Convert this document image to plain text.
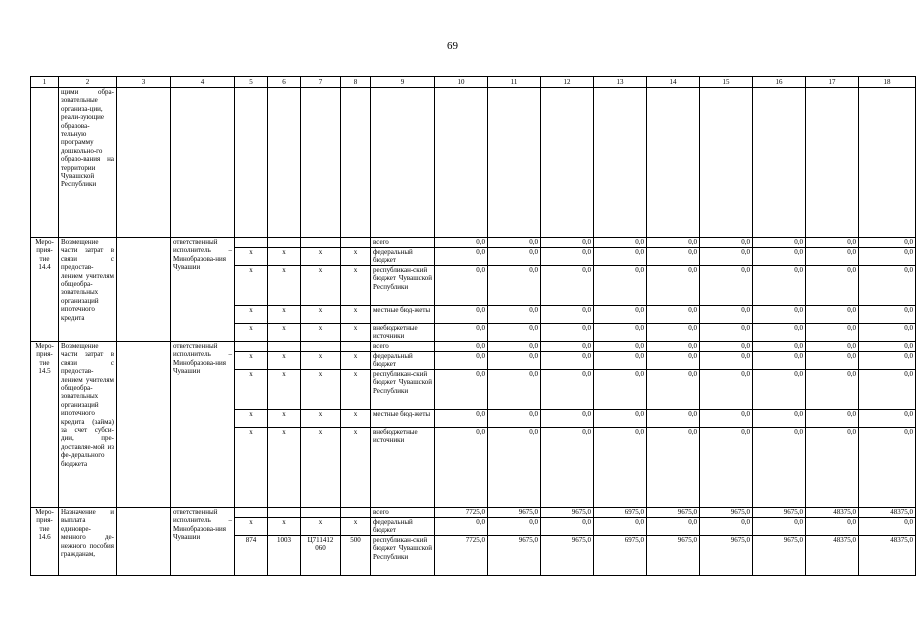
69
1	2	3	4	5	6	7	8	9	10	11	12	13	14	15	16	17	18
	щими обра-зовательные организа-ции, реали-зующие образова-тельную программу дошкольно-го образо-вания на территории Чувашской Республики																
Меро-прия-тие 14.4	Возмещение части затрат в связи с предостав-лением учителям общеобра-зовательных организаций ипотечного кредита		ответственный исполнитель – Минобразова-ния Чувашии					всего	0,0	0,0	0,0	0,0	0,0	0,0	0,0	0,0	0,0
				x	x	x	x	федеральный бюджет	0,0	0,0	0,0	0,0	0,0	0,0	0,0	0,0	0,0
				x	x	x	x	республикан-ский бюджет Чувашской Республики	0,0	0,0	0,0	0,0	0,0	0,0	0,0	0,0	0,0
				x	x	x	x	местные бюд-жеты	0,0	0,0	0,0	0,0	0,0	0,0	0,0	0,0	0,0
				x	x	x	x	внебюджетные источники	0,0	0,0	0,0	0,0	0,0	0,0	0,0	0,0	0,0
Меро-прия-тие 14.5	Возмещение части затрат в связи с предостав-лением учителям общеобра-зовательных организаций ипотечного кредита (займа) за счет субси-дии, пре-доставляе-мой из фе-дерального бюджета		ответственный исполнитель – Минобразова-ния Чувашии					всего	0,0	0,0	0,0	0,0	0,0	0,0	0,0	0,0	0,0
				x	x	x	x	федеральный бюджет	0,0	0,0	0,0	0,0	0,0	0,0	0,0	0,0	0,0
				x	x	x	x	республикан-ский бюджет Чувашской Республики	0,0	0,0	0,0	0,0	0,0	0,0	0,0	0,0	0,0
				x	x	x	x	местные бюд-жеты	0,0	0,0	0,0	0,0	0,0	0,0	0,0	0,0	0,0
				x	x	x	x	внебюджетные источники	0,0	0,0	0,0	0,0	0,0	0,0	0,0	0,0	0,0
Меро-прия-тие 14.6	Назначение и выплата единовре-менного де-нежного пособия гражданам,		ответственный исполнитель – Минобразова-ния Чувашии					всего	7725,0	9675,0	9675,0	6975,0	9675,0	9675,0	9675,0	48375,0	48375,0
				x	x	x	x	федеральный бюджет	0,0	0,0	0,0	0,0	0,0	0,0	0,0	0,0	0,0
				874	1003	Ц711412 060	500	республикан-ский бюджет Чувашской Республики	7725,0	9675,0	9675,0	6975,0	9675,0	9675,0	9675,0	48375,0	48375,0
